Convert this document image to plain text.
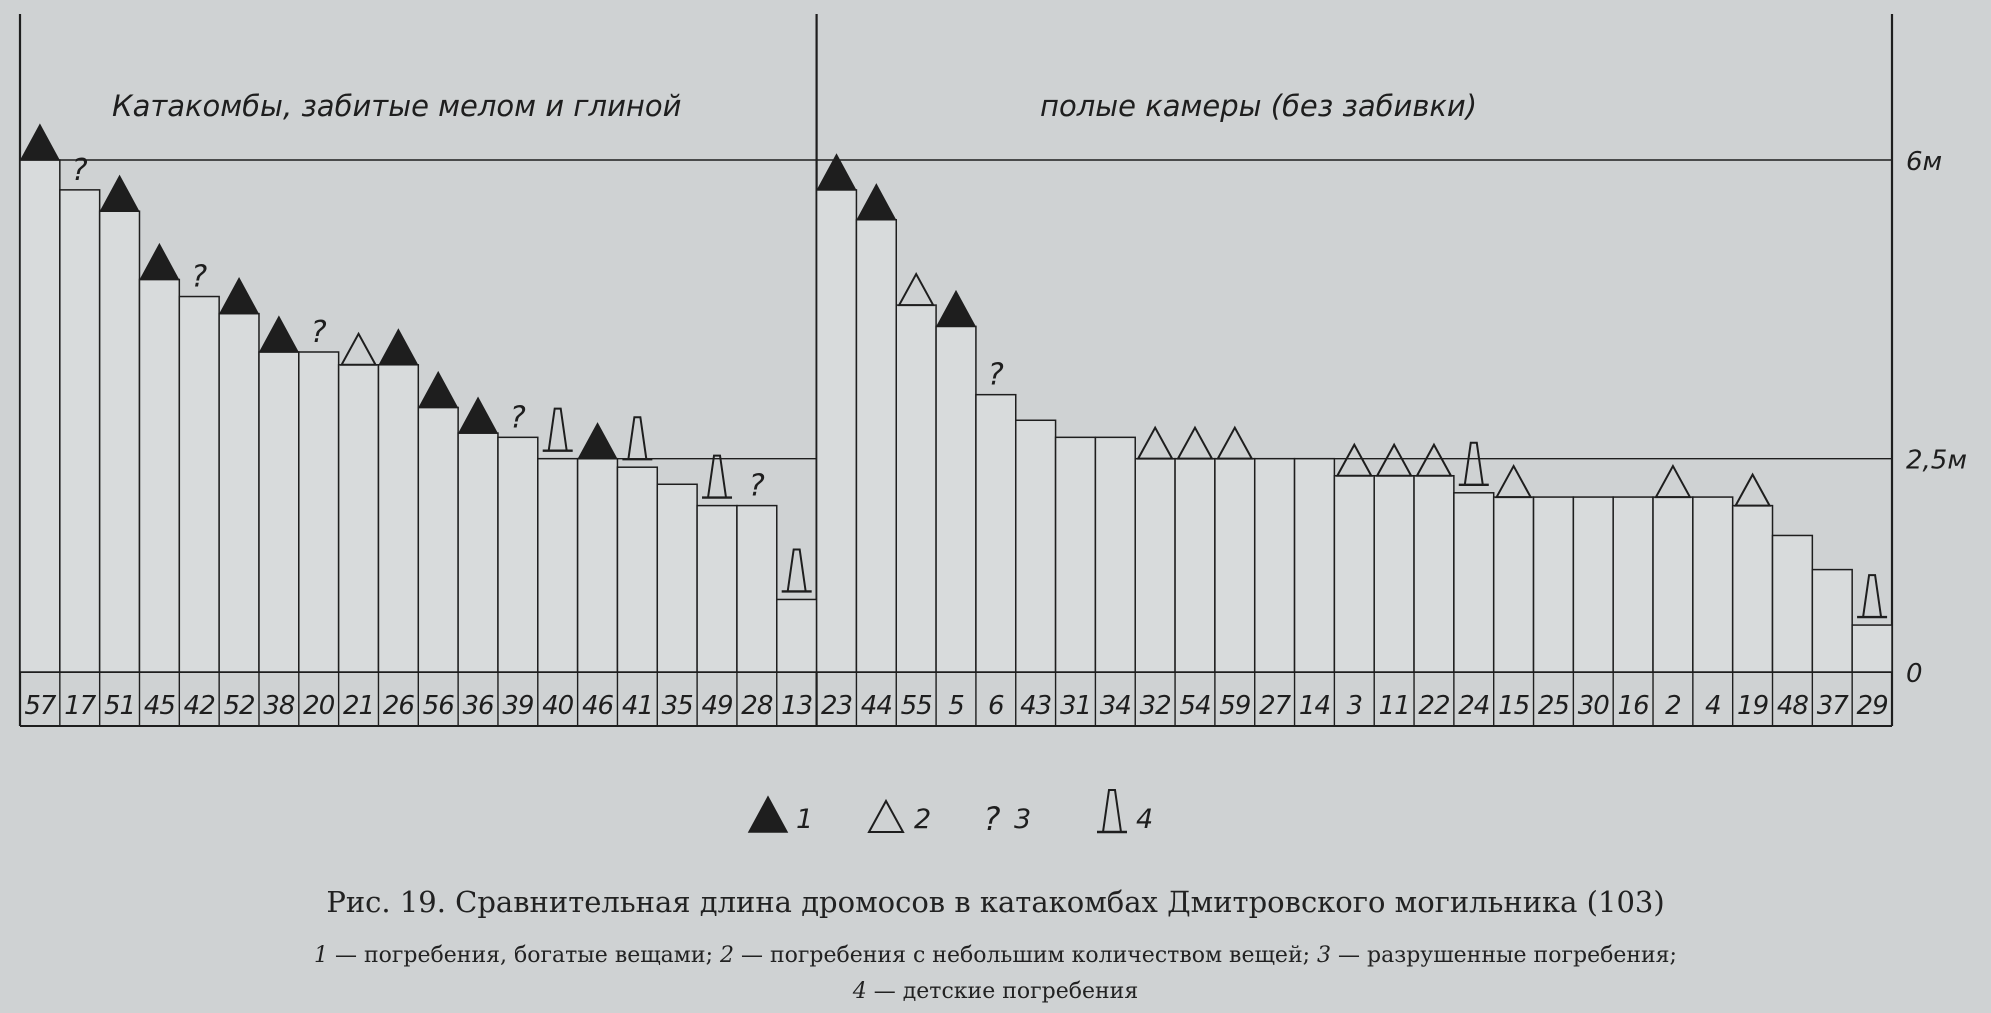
?
?
?
?
?
?
6м
2,5м
0
Катакомбы, забитые мелом и глиной	полые камеры (без забивки)
57 17 51 45 42 52 38 20 21 26 56 36 39 40 46 41 35 49 28 13 23 44 55 5 6 43 31 34 32 54 59 27 14 3 11 22 24 15 25 30 16 2 4 19 48 37 29
1	2 ? 3	4
Рис. 19. Сравнительная длина дромосов в катакомбах Дмитровского могильника (103)
1 — погребения, богатые вещами; 2 — погребения с небольшим количеством вещей; 3 — разрушенные погребения;
4 — детские погребения
